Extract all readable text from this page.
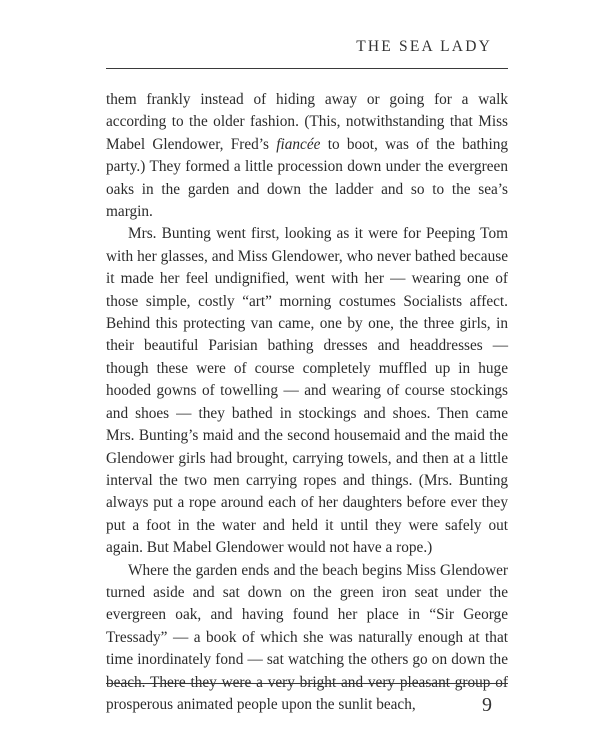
THE SEA LADY

them frankly instead of hiding away or going for a walk according to the older fashion. (This, notwithstanding that Miss Mabel Glendower, Fred’s fiancée to boot, was of the bathing party.) They formed a little procession down under the evergreen oaks in the garden and down the ladder and so to the sea’s margin.

Mrs. Bunting went first, looking as it were for Peeping Tom with her glasses, and Miss Glendower, who never bathed because it made her feel undignified, went with her — wearing one of those simple, costly “art” morning costumes Socialists affect. Behind this protecting van came, one by one, the three girls, in their beautiful Parisian bathing dresses and headdresses — though these were of course completely muffled up in huge hooded gowns of towelling — and wearing of course stockings and shoes — they bathed in stockings and shoes. Then came Mrs. Bunting’s maid and the second housemaid and the maid the Glendower girls had brought, carrying towels, and then at a little interval the two men carrying ropes and things. (Mrs. Bunting always put a rope around each of her daughters before ever they put a foot in the water and held it until they were safely out again. But Mabel Glendower would not have a rope.)

Where the garden ends and the beach begins Miss Glendower turned aside and sat down on the green iron seat under the evergreen oak, and having found her place in “Sir George Tressady” — a book of which she was naturally enough at that time inordinately fond — sat watching the others go on down the beach. There they were a very bright and very pleasant group of prosperous animated people upon the sunlit beach,	9
